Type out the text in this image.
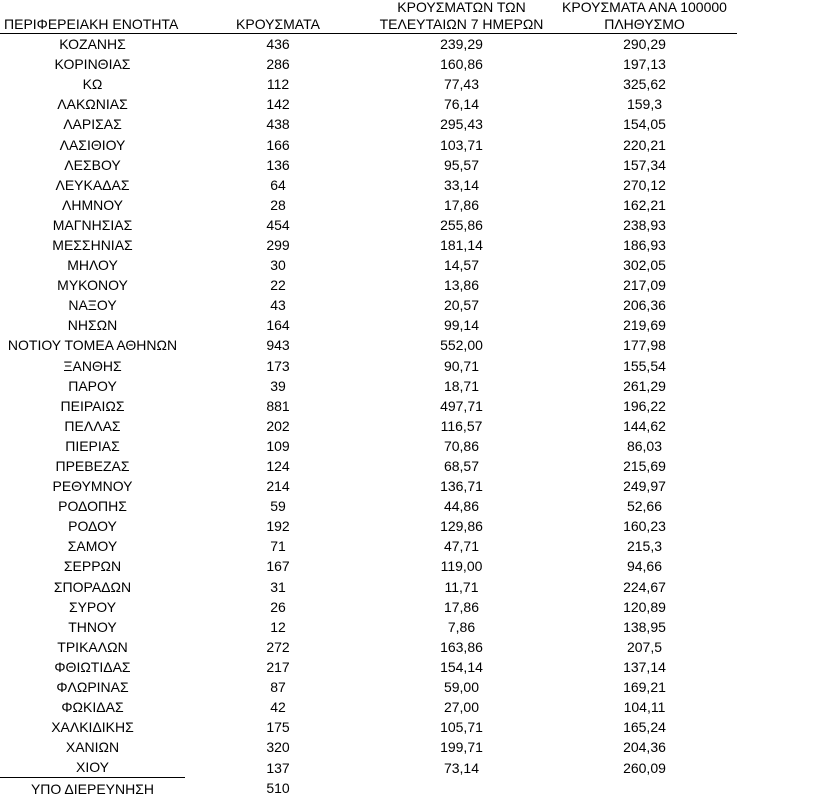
ΠΕΡΙΦΕΡΕΙΑΚΗ ΕΝΟΤΗΤΑ	ΚΡΟΥΣΜΑΤΑ	ΚΡΟΥΣΜΑΤΩΝ ΤΩΝ
ΤΕΛΕΥΤΑΙΩΝ 7 ΗΜΕΡΩΝ	ΚΡΟΥΣΜΑΤΑ ΑΝΑ 100000
ΠΛΗΘΥΣΜΟ

ΚΟΖΑΝΗΣ	436	239,29	290,29
ΚΟΡΙΝΘΙΑΣ	286	160,86	197,13
ΚΩ	112	77,43	325,62
ΛΑΚΩΝΙΑΣ	142	76,14	159,3
ΛΑΡΙΣΑΣ	438	295,43	154,05
ΛΑΣΙΘΙΟΥ	166	103,71	220,21
ΛΕΣΒΟΥ	136	95,57	157,34
ΛΕΥΚΑΔΑΣ	64	33,14	270,12
ΛΗΜΝΟΥ	28	17,86	162,21
ΜΑΓΝΗΣΙΑΣ	454	255,86	238,93
ΜΕΣΣΗΝΙΑΣ	299	181,14	186,93
ΜΗΛΟΥ	30	14,57	302,05
ΜΥΚΟΝΟΥ	22	13,86	217,09
ΝΑΞΟΥ	43	20,57	206,36
ΝΗΣΩΝ	164	99,14	219,69
ΝΟΤΙΟΥ ΤΟΜΕΑ ΑΘΗΝΩΝ	943	552,00	177,98
ΞΑΝΘΗΣ	173	90,71	155,54
ΠΑΡΟΥ	39	18,71	261,29
ΠΕΙΡΑΙΩΣ	881	497,71	196,22
ΠΕΛΛΑΣ	202	116,57	144,62
ΠΙΕΡΙΑΣ	109	70,86	86,03
ΠΡΕΒΕΖΑΣ	124	68,57	215,69
ΡΕΘΥΜΝΟΥ	214	136,71	249,97
ΡΟΔΟΠΗΣ	59	44,86	52,66
ΡΟΔΟΥ	192	129,86	160,23
ΣΑΜΟΥ	71	47,71	215,3
ΣΕΡΡΩΝ	167	119,00	94,66
ΣΠΟΡΑΔΩΝ	31	11,71	224,67
ΣΥΡΟΥ	26	17,86	120,89
ΤΗΝΟΥ	12	7,86	138,95
ΤΡΙΚΑΛΩΝ	272	163,86	207,5
ΦΘΙΩΤΙΔΑΣ	217	154,14	137,14
ΦΛΩΡΙΝΑΣ	87	59,00	169,21
ΦΩΚΙΔΑΣ	42	27,00	104,11
ΧΑΛΚΙΔΙΚΗΣ	175	105,71	165,24
ΧΑΝΙΩΝ	320	199,71	204,36
ΧΙΟΥ	137	73,14	260,09
ΥΠΟ ΔΙΕΡΕΥΝΗΣΗ	510		
